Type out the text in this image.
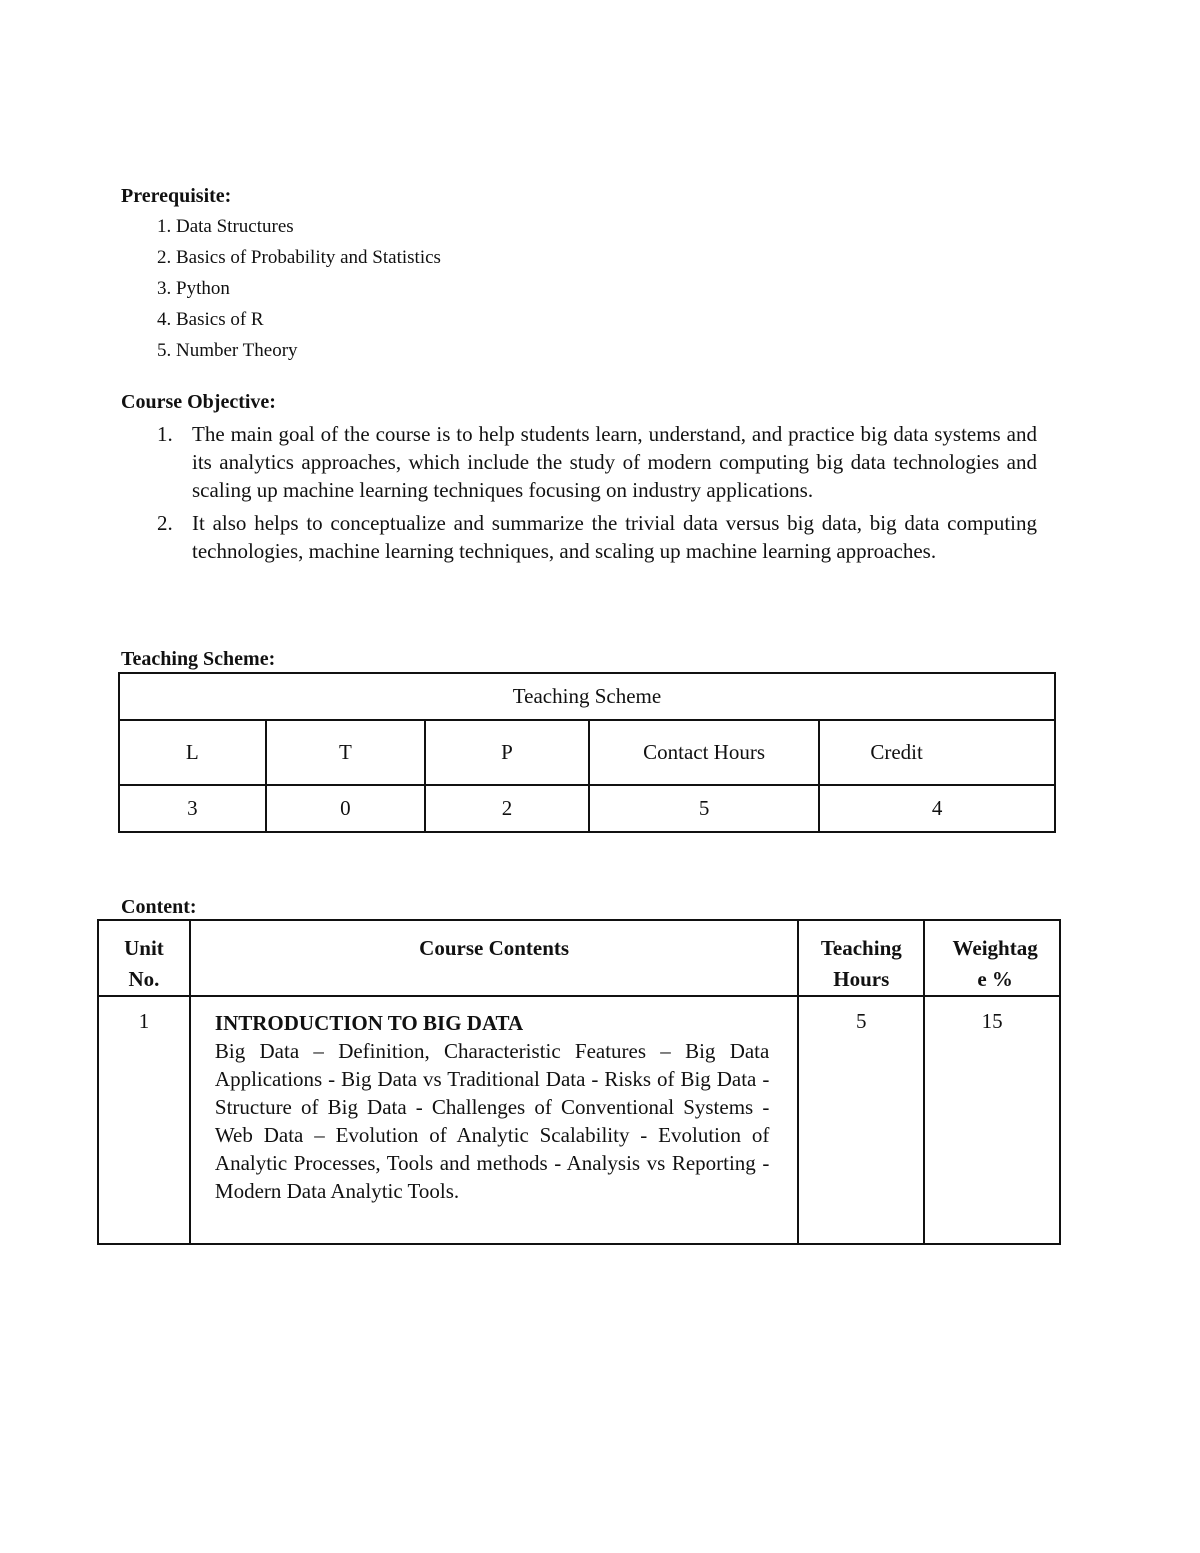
Prerequisite:

1. Data Structures
2. Basics of Probability and Statistics
3. Python
4. Basics of R
5. Number Theory

Course Objective:

1. The main goal of the course is to help students learn, understand, and practice big data systems and its analytics approaches, which include the study of modern computing big data technologies and scaling up machine learning techniques focusing on industry applications.
2. It also helps to conceptualize and summarize the trivial data versus big data, big data computing technologies, machine learning techniques, and scaling up machine learning approaches.

Teaching Scheme:

Teaching Scheme				
L	T	P	Contact Hours	Credit
3	0	2	5	4

Content:

Unit No.	Course Contents	Teaching Hours	Weightage %
1	INTRODUCTION TO BIG DATA
Big Data – Definition, Characteristic Features – Big Data Applications - Big Data vs Traditional Data - Risks of Big Data - Structure of Big Data - Challenges of Conventional Systems - Web Data – Evolution of Analytic Scalability - Evolution of Analytic Processes, Tools and methods - Analysis vs Reporting - Modern Data Analytic Tools.	5	15
